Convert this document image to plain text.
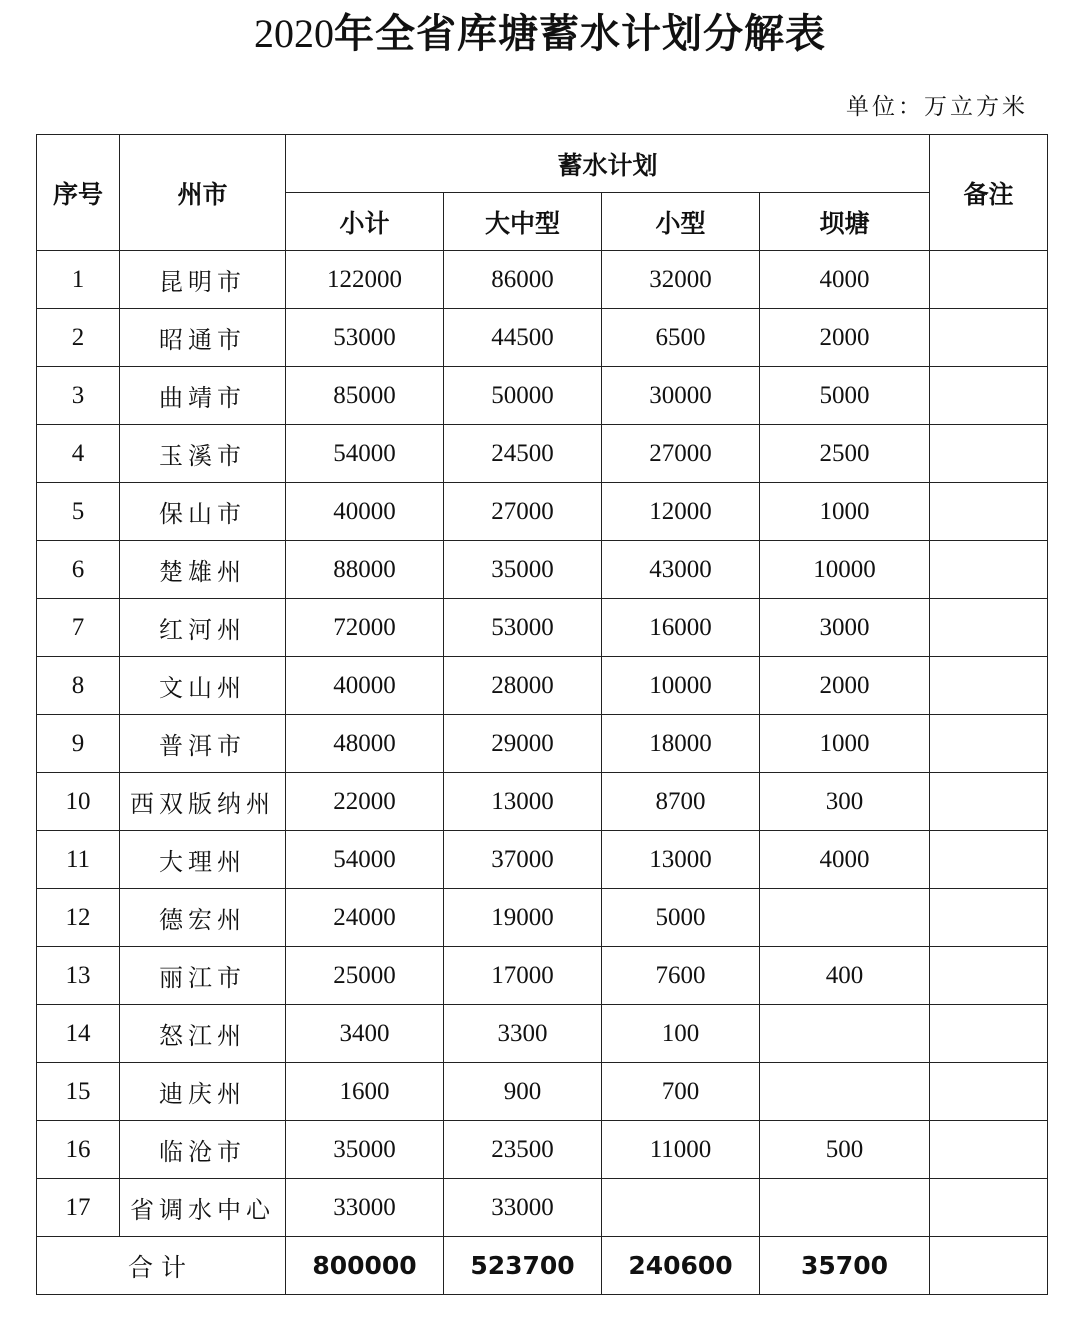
2020年全省库塘蓄水计划分解表
单位：万立方米
序号	州市	蓄水计划				备注
		小计	大中型	小型	坝塘	
1	昆明市	122000	86000	32000	4000	
2	昭通市	53000	44500	6500	2000	
3	曲靖市	85000	50000	30000	5000	
4	玉溪市	54000	24500	27000	2500	
5	保山市	40000	27000	12000	1000	
6	楚雄州	88000	35000	43000	10000	
7	红河州	72000	53000	16000	3000	
8	文山州	40000	28000	10000	2000	
9	普洱市	48000	29000	18000	1000	
10	西双版纳州	22000	13000	8700	300	
11	大理州	54000	37000	13000	4000	
12	德宏州	24000	19000	5000		
13	丽江市	25000	17000	7600	400	
14	怒江州	3400	3300	100		
15	迪庆州	1600	900	700		
16	临沧市	35000	23500	11000	500	
17	省调水中心	33000	33000			
合计		800000	523700	240600	35700	
